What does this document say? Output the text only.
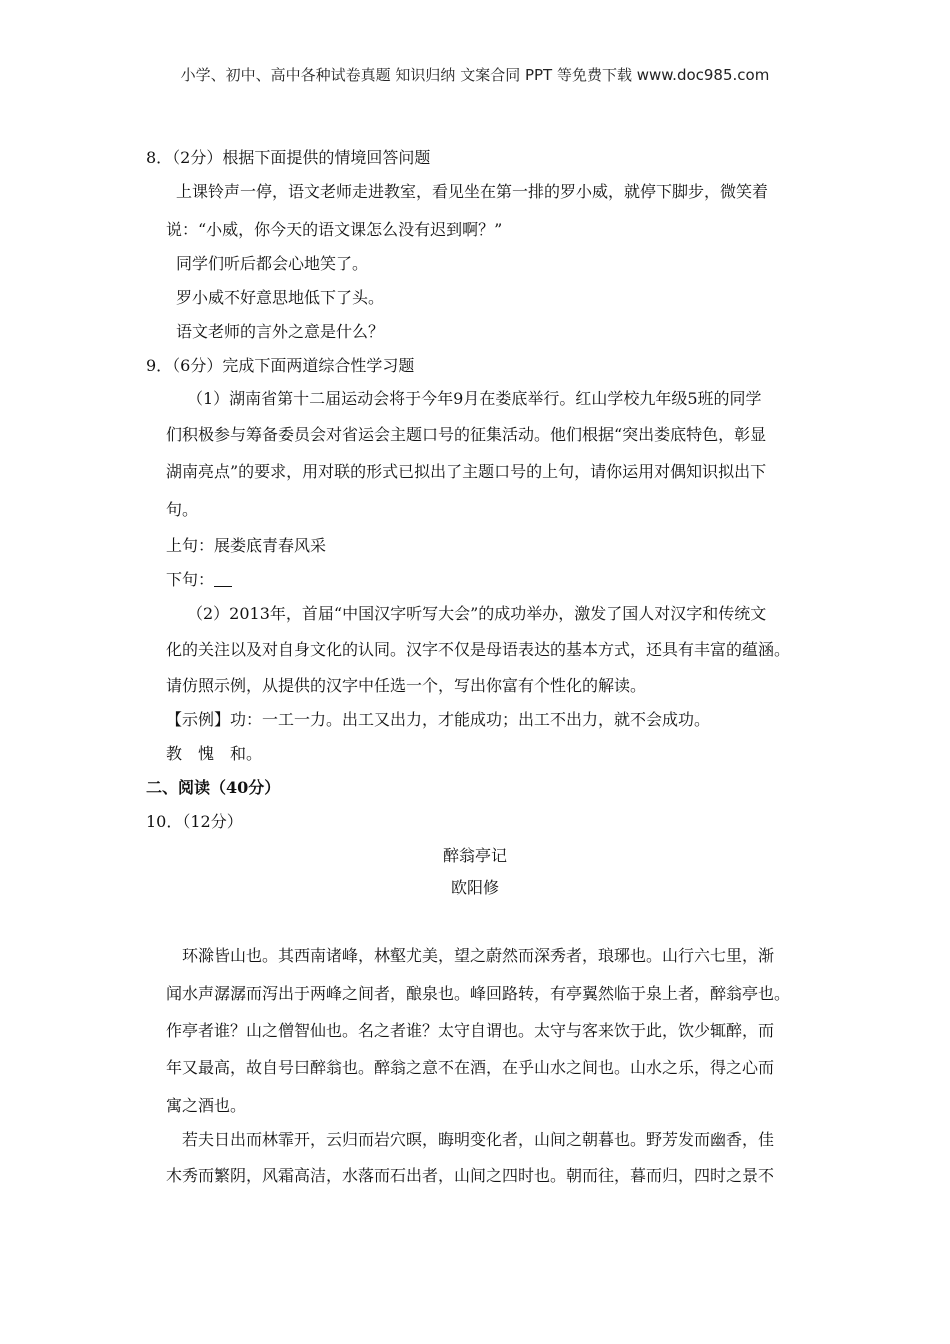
小学、初中、高中各种试卷真题 知识归纳 文案合同 PPT 等免费下载 www.doc985.com
8．（2分）根据下面提供的情境回答问题
上课铃声一停，语文老师走进教室，看见坐在第一排的罗小威，就停下脚步，微笑着
说：“小威，你今天的语文课怎么没有迟到啊？”
同学们听后都会心地笑了。
罗小威不好意思地低下了头。
语文老师的言外之意是什么？
9．（6分）完成下面两道综合性学习题
（1）湖南省第十二届运动会将于今年9月在娄底举行。红山学校九年级5班的同学
们积极参与筹备委员会对省运会主题口号的征集活动。他们根据“突出娄底特色，彰显
湖南亮点”的要求，用对联的形式已拟出了主题口号的上句，请你运用对偶知识拟出下
句。
上句：展娄底青春风采
下句：
（2）2013年，首届“中国汉字听写大会”的成功举办，激发了国人对汉字和传统文
化的关注以及对自身文化的认同。汉字不仅是母语表达的基本方式，还具有丰富的蕴涵。
请仿照示例，从提供的汉字中任选一个，写出你富有个性化的解读。
【示例】功：一工一力。出工又出力，才能成功；出工不出力，就不会成功。
教 愧 和。
二、阅读（40分）
10．（12分）
醉翁亭记
欧阳修
环滁皆山也。其西南诸峰，林壑尤美，望之蔚然而深秀者，琅琊也。山行六七里，渐
闻水声潺潺而泻出于两峰之间者，酿泉也。峰回路转，有亭翼然临于泉上者，醉翁亭也。
作亭者谁？山之僧智仙也。名之者谁？太守自谓也。太守与客来饮于此，饮少辄醉，而
年又最高，故自号曰醉翁也。醉翁之意不在酒，在乎山水之间也。山水之乐，得之心而
寓之酒也。
若夫日出而林霏开，云归而岩穴暝，晦明变化者，山间之朝暮也。野芳发而幽香，佳
木秀而繁阴，风霜高洁，水落而石出者，山间之四时也。朝而往，暮而归，四时之景不
